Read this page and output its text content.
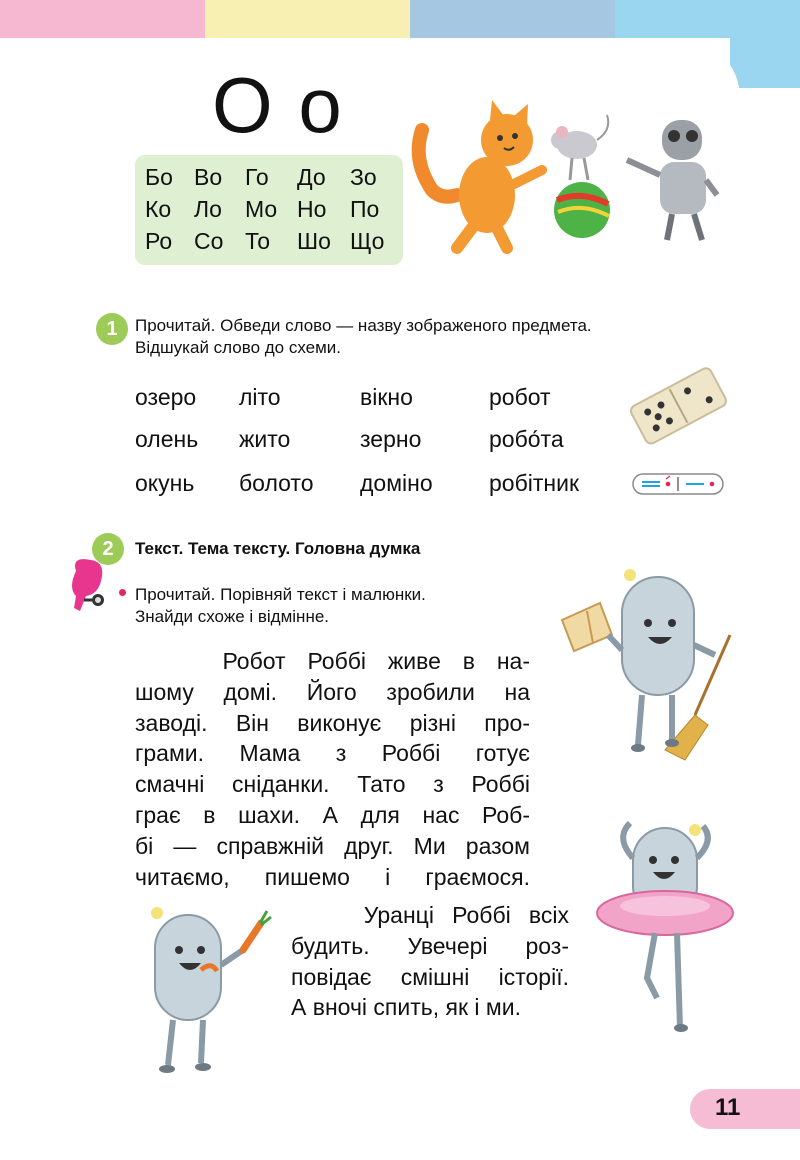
О о
Бо Во Го До Зо
Ко Ло Мо Но По
Ро Со То Шо Що
1	Прочитай. Обведи слово — назву зображеного предмета.
Відшукай слово до схеми.
озеро літо	вікно	робот
олень жито	зерно	робо́та
окунь болото доміно робітник
2	Текст. Тема тексту. Головна думка
Прочитай. Порівняй текст і малюнки.
Знайди схоже і відмінне.
Робот Роббі живе в на-
шому домі. Його зробили на
заводі. Він виконує різні про-
грами. Мама з Роббі готує
смачні сніданки. Тато з Роббі
грає в шахи. А для нас Роб-
бі — справжній друг. Ми разом
читаємо, пишемо і граємося.
Уранці Роббі всіх
будить. Увечері роз-
повідає смішні історії.
А вночі спить, як і ми.
11
